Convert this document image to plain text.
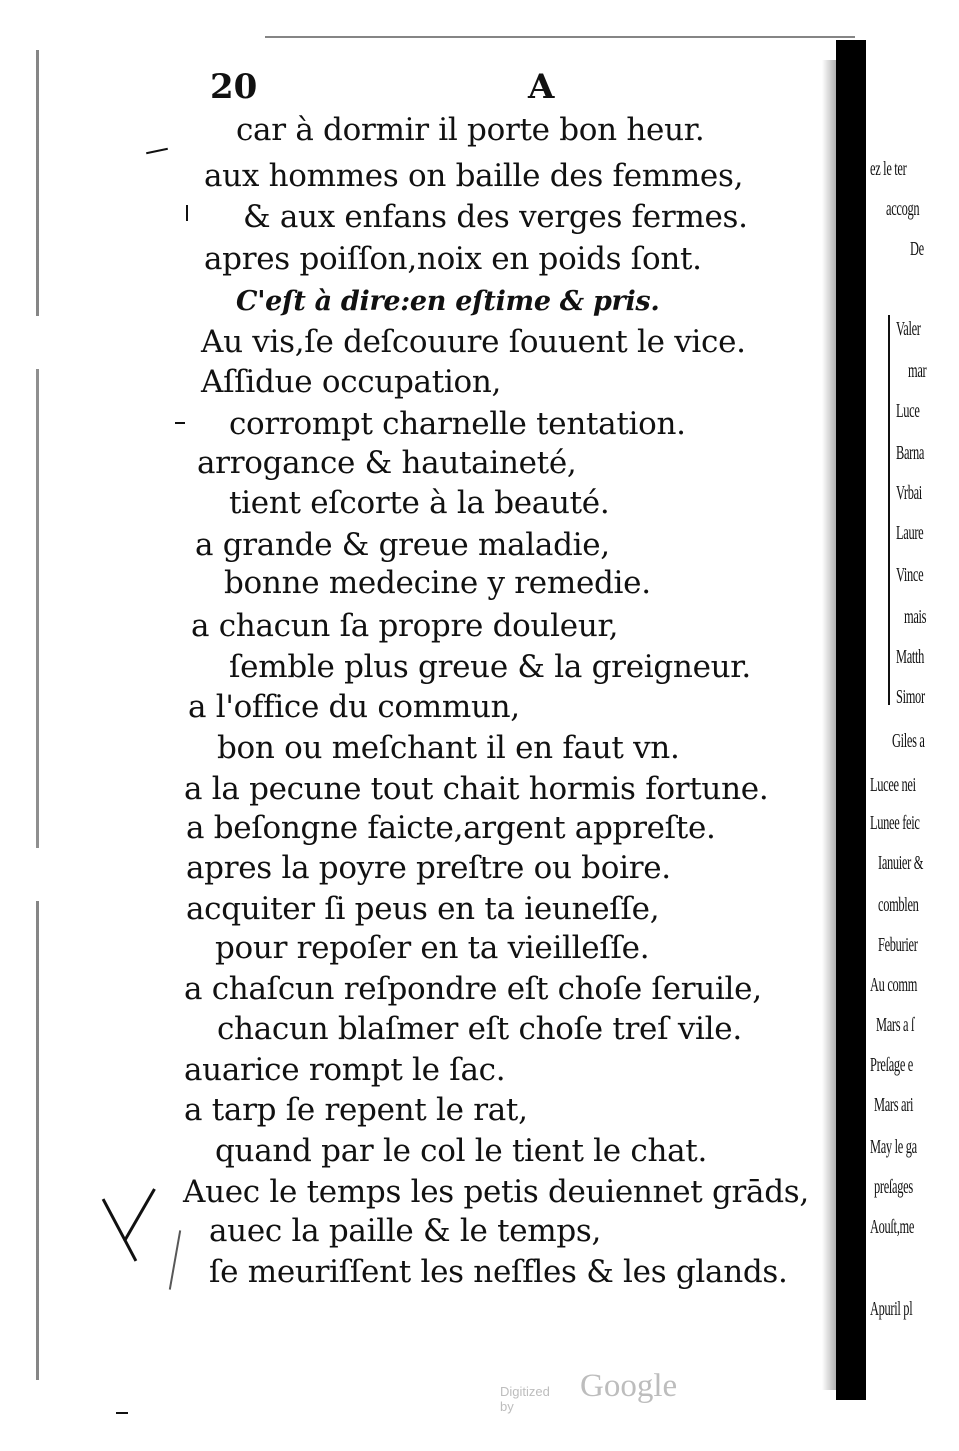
20	A
car à dormir il porte bon heur.
aux hommes on baille des femmes,
& aux enfans des verges fermes.
apres poiſſon,noix en poids ſont.
C'eſt à dire:en eſtime & pris.
Au vis,ſe deſcouure ſouuent le vice.
Aſſidue occupation,
corrompt charnelle tentation.
arrogance & hautaineté,
tient eſcorte à la beauté.
a grande & greue maladie,
bonne medecine y remedie.
a chacun ſa propre douleur,
ſemble plus greue & la greigneur.
a l'office du commun,
bon ou meſchant il en faut vn.
a la pecune tout chait hormis fortune.
a beſongne faicte,argent appreſte.
apres la poyre preſtre ou boire.
acquiter ſi peus en ta ieuneſſe,
pour repoſer en ta vieilleſſe.
a chaſcun reſpondre eſt choſe ſeruile,
chacun blaſmer eſt choſe treſ vile.
auarice rompt le ſac.
a tarp ſe repent le rat,
quand par le col le tient le chat.
Auec le temps les petis deuiennet grāds,
auec la paille & le temps,
ſe meuriſſent les neſfles & les glands.
ez le ter
accogn
De
Valer
mar
Luce
Barna
Vrbai
Laure
Vince
mais
Matth
Simor
Giles a
Lucee nei
Lunee feic
Ianuier &
comblen
Feburier
Au comm
Mars a ſ
Preſage e
Mars ari
May le ga
preſages
Aouſt,me
Apuril pl
Digitized by
Google
